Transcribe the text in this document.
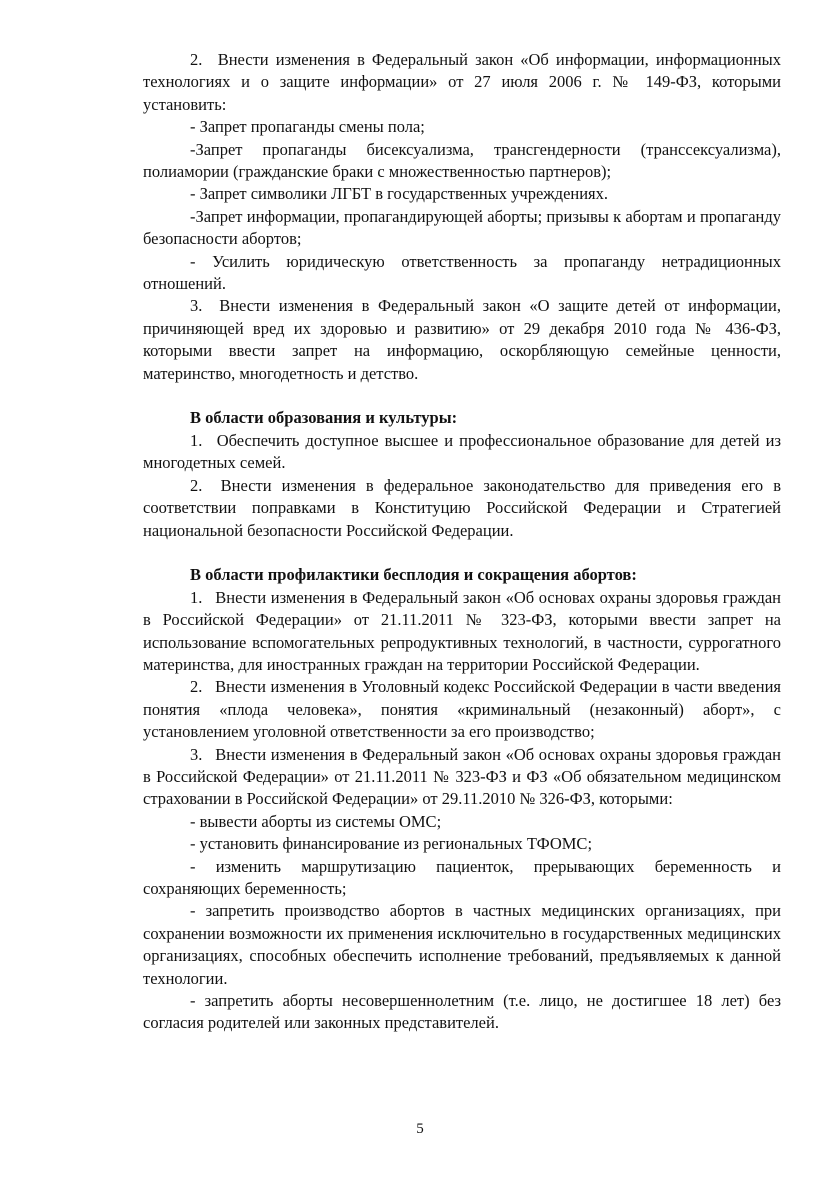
2.  Внести изменения в Федеральный закон «Об информации, информационных технологиях и о защите информации» от 27 июля 2006 г. № 149-ФЗ, которыми установить:

- Запрет пропаганды смены пола;

-Запрет пропаганды бисексуализма, трансгендерности (транссексуализма), полиамории (гражданские браки с множественностью партнеров);

- Запрет символики ЛГБТ в государственных учреждениях.

-Запрет информации, пропагандирующей аборты; призывы к абортам и пропаганду безопасности абортов;

- Усилить юридическую ответственность за пропаганду нетрадиционных отношений.

3.  Внести изменения в Федеральный закон «О защите детей от информации, причиняющей вред их здоровью и развитию» от 29 декабря 2010 года № 436-ФЗ, которыми ввести запрет на информацию, оскорбляющую семейные ценности, материнство, многодетность и детство.

В области образования и культуры:

1.  Обеспечить доступное высшее и профессиональное образование для детей из многодетных семей.

2.  Внести изменения в федеральное законодательство для приведения его в соответствии поправками в Конституцию Российской Федерации и Стратегией национальной безопасности Российской Федерации.

В области профилактики бесплодия и сокращения абортов:

1.  Внести изменения в Федеральный закон «Об основах охраны здоровья граждан в Российской Федерации» от 21.11.2011 № 323-ФЗ, которыми ввести запрет на использование вспомогательных репродуктивных технологий, в частности, суррогатного материнства, для иностранных граждан на территории Российской Федерации.

2.  Внести изменения в Уголовный кодекс Российской Федерации в части введения понятия «плода человека», понятия «криминальный (незаконный) аборт», с установлением уголовной ответственности за его производство;

3.  Внести изменения в Федеральный закон «Об основах охраны здоровья граждан в Российской Федерации» от 21.11.2011 № 323-ФЗ и ФЗ «Об обязательном медицинском страховании в Российской Федерации» от 29.11.2010 № 326-ФЗ, которыми:

- вывести аборты из системы ОМС;

- установить финансирование из региональных ТФОМС;

- изменить маршрутизацию пациенток, прерывающих беременность и сохраняющих беременность;

- запретить производство абортов в частных медицинских организациях, при сохранении возможности их применения исключительно в государственных медицинских организациях, способных обеспечить исполнение требований, предъявляемых к данной технологии.

- запретить аборты несовершеннолетним (т.е. лицо, не достигшее 18 лет) без согласия родителей или законных представителей.

5
